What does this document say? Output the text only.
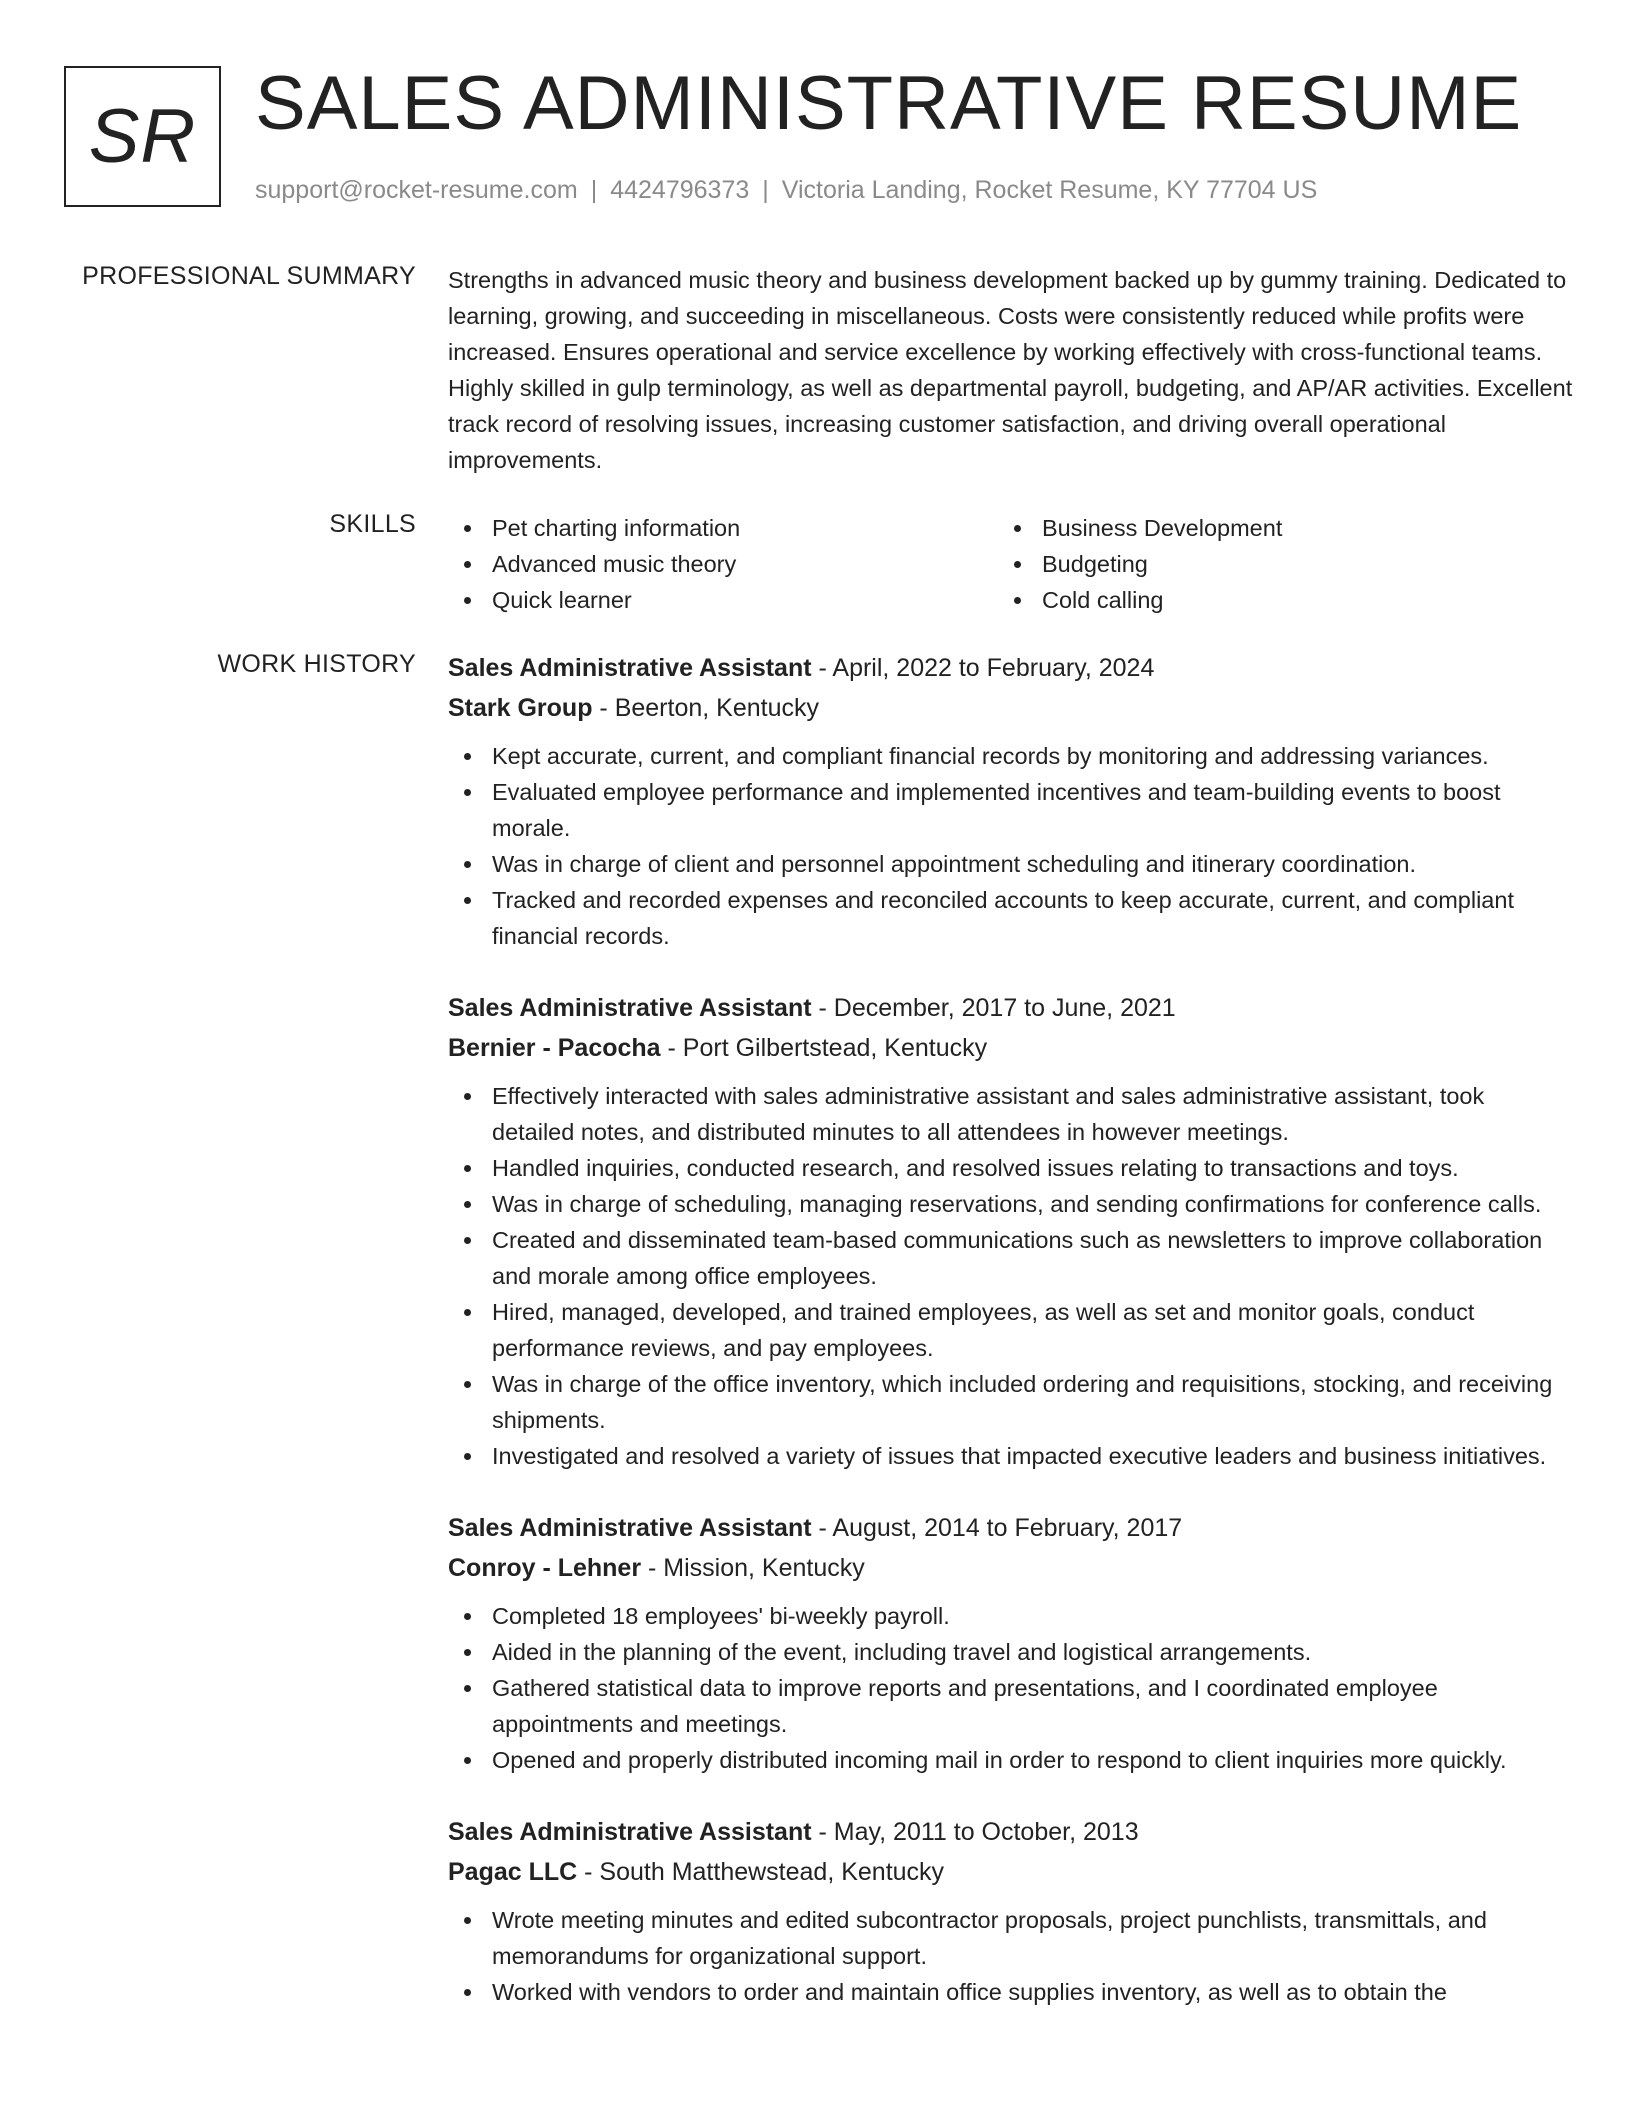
SR SALES ADMINISTRATIVE RESUME
support@rocket-resume.com | 4424796373 | Victoria Landing, Rocket Resume, KY 77704 US
PROFESSIONAL SUMMARY Strengths in advanced music theory and business development backed up by gummy training. Dedicated to learning, growing, and succeeding in miscellaneous. Costs were consistently reduced while profits were increased. Ensures operational and service excellence by working effectively with cross-functional teams. Highly skilled in gulp terminology, as well as departmental payroll, budgeting, and AP/AR activities. Excellent track record of resolving issues, increasing customer satisfaction, and driving overall operational improvements.

SKILLS	Pet charting information	Business Development
Advanced music theory	Budgeting
Quick learner	Cold calling
WORK HISTORY Sales Administrative Assistant - April, 2022 to February, 2024
Stark Group - Beerton, Kentucky
Kept accurate, current, and compliant financial records by monitoring and addressing variances.
Evaluated employee performance and implemented incentives and team-building events to boost morale.
Was in charge of client and personnel appointment scheduling and itinerary coordination.
Tracked and recorded expenses and reconciled accounts to keep accurate, current, and compliant financial records.
Sales Administrative Assistant - December, 2017 to June, 2021
Bernier - Pacocha - Port Gilbertstead, Kentucky
Effectively interacted with sales administrative assistant and sales administrative assistant, took detailed notes, and distributed minutes to all attendees in however meetings.
Handled inquiries, conducted research, and resolved issues relating to transactions and toys.
Was in charge of scheduling, managing reservations, and sending confirmations for conference calls.
Created and disseminated team-based communications such as newsletters to improve collaboration and morale among office employees.
Hired, managed, developed, and trained employees, as well as set and monitor goals, conduct performance reviews, and pay employees.
Was in charge of the office inventory, which included ordering and requisitions, stocking, and receiving shipments.
Investigated and resolved a variety of issues that impacted executive leaders and business initiatives.
Sales Administrative Assistant - August, 2014 to February, 2017
Conroy - Lehner - Mission, Kentucky
Completed 18 employees' bi-weekly payroll.
Aided in the planning of the event, including travel and logistical arrangements.
Gathered statistical data to improve reports and presentations, and I coordinated employee appointments and meetings.
Opened and properly distributed incoming mail in order to respond to client inquiries more quickly.
Sales Administrative Assistant - May, 2011 to October, 2013
Pagac LLC - South Matthewstead, Kentucky
Wrote meeting minutes and edited subcontractor proposals, project punchlists, transmittals, and memorandums for organizational support.
Worked with vendors to order and maintain office supplies inventory, as well as to obtain the
